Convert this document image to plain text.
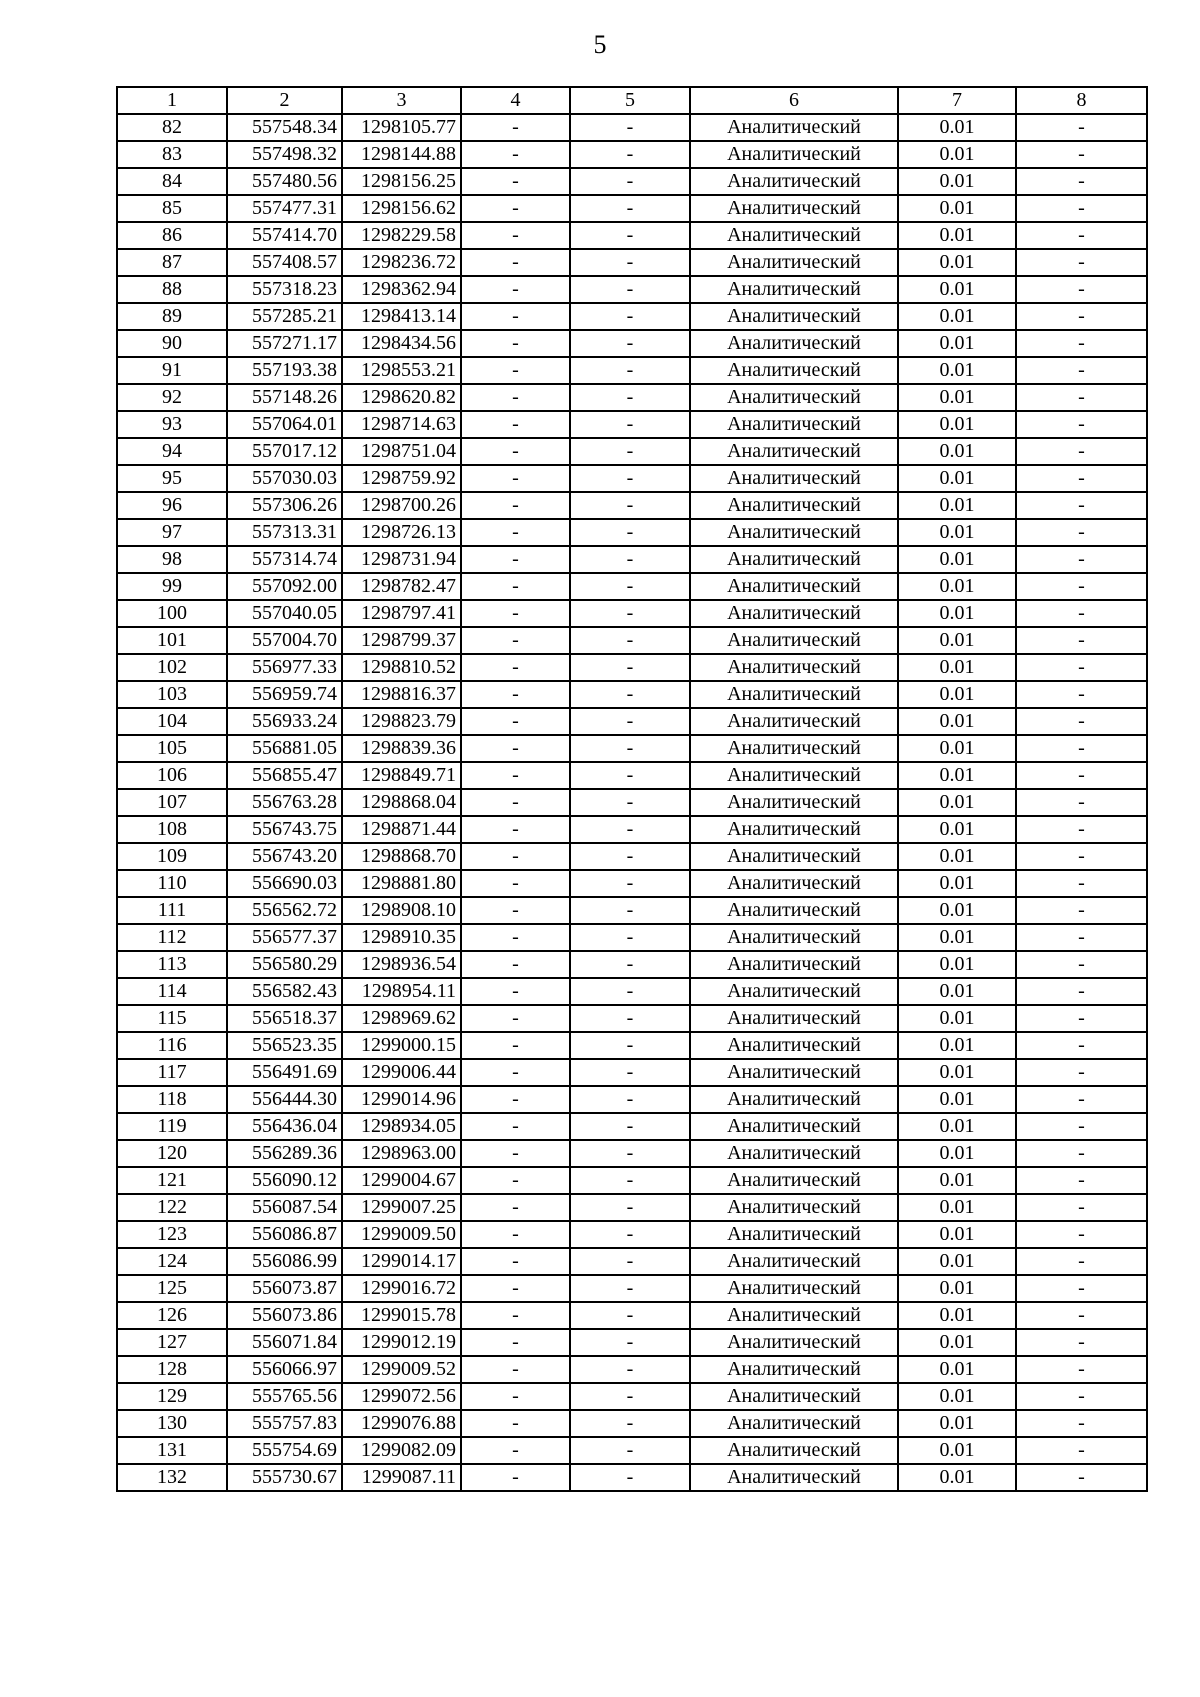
5
1	2	3	4	5	6	7	8
82	557548.34	1298105.77	-	-	Аналитический	0.01	-
83	557498.32	1298144.88	-	-	Аналитический	0.01	-
84	557480.56	1298156.25	-	-	Аналитический	0.01	-
85	557477.31	1298156.62	-	-	Аналитический	0.01	-
86	557414.70	1298229.58	-	-	Аналитический	0.01	-
87	557408.57	1298236.72	-	-	Аналитический	0.01	-
88	557318.23	1298362.94	-	-	Аналитический	0.01	-
89	557285.21	1298413.14	-	-	Аналитический	0.01	-
90	557271.17	1298434.56	-	-	Аналитический	0.01	-
91	557193.38	1298553.21	-	-	Аналитический	0.01	-
92	557148.26	1298620.82	-	-	Аналитический	0.01	-
93	557064.01	1298714.63	-	-	Аналитический	0.01	-
94	557017.12	1298751.04	-	-	Аналитический	0.01	-
95	557030.03	1298759.92	-	-	Аналитический	0.01	-
96	557306.26	1298700.26	-	-	Аналитический	0.01	-
97	557313.31	1298726.13	-	-	Аналитический	0.01	-
98	557314.74	1298731.94	-	-	Аналитический	0.01	-
99	557092.00	1298782.47	-	-	Аналитический	0.01	-
100	557040.05	1298797.41	-	-	Аналитический	0.01	-
101	557004.70	1298799.37	-	-	Аналитический	0.01	-
102	556977.33	1298810.52	-	-	Аналитический	0.01	-
103	556959.74	1298816.37	-	-	Аналитический	0.01	-
104	556933.24	1298823.79	-	-	Аналитический	0.01	-
105	556881.05	1298839.36	-	-	Аналитический	0.01	-
106	556855.47	1298849.71	-	-	Аналитический	0.01	-
107	556763.28	1298868.04	-	-	Аналитический	0.01	-
108	556743.75	1298871.44	-	-	Аналитический	0.01	-
109	556743.20	1298868.70	-	-	Аналитический	0.01	-
110	556690.03	1298881.80	-	-	Аналитический	0.01	-
111	556562.72	1298908.10	-	-	Аналитический	0.01	-
112	556577.37	1298910.35	-	-	Аналитический	0.01	-
113	556580.29	1298936.54	-	-	Аналитический	0.01	-
114	556582.43	1298954.11	-	-	Аналитический	0.01	-
115	556518.37	1298969.62	-	-	Аналитический	0.01	-
116	556523.35	1299000.15	-	-	Аналитический	0.01	-
117	556491.69	1299006.44	-	-	Аналитический	0.01	-
118	556444.30	1299014.96	-	-	Аналитический	0.01	-
119	556436.04	1298934.05	-	-	Аналитический	0.01	-
120	556289.36	1298963.00	-	-	Аналитический	0.01	-
121	556090.12	1299004.67	-	-	Аналитический	0.01	-
122	556087.54	1299007.25	-	-	Аналитический	0.01	-
123	556086.87	1299009.50	-	-	Аналитический	0.01	-
124	556086.99	1299014.17	-	-	Аналитический	0.01	-
125	556073.87	1299016.72	-	-	Аналитический	0.01	-
126	556073.86	1299015.78	-	-	Аналитический	0.01	-
127	556071.84	1299012.19	-	-	Аналитический	0.01	-
128	556066.97	1299009.52	-	-	Аналитический	0.01	-
129	555765.56	1299072.56	-	-	Аналитический	0.01	-
130	555757.83	1299076.88	-	-	Аналитический	0.01	-
131	555754.69	1299082.09	-	-	Аналитический	0.01	-
132	555730.67	1299087.11	-	-	Аналитический	0.01	-
